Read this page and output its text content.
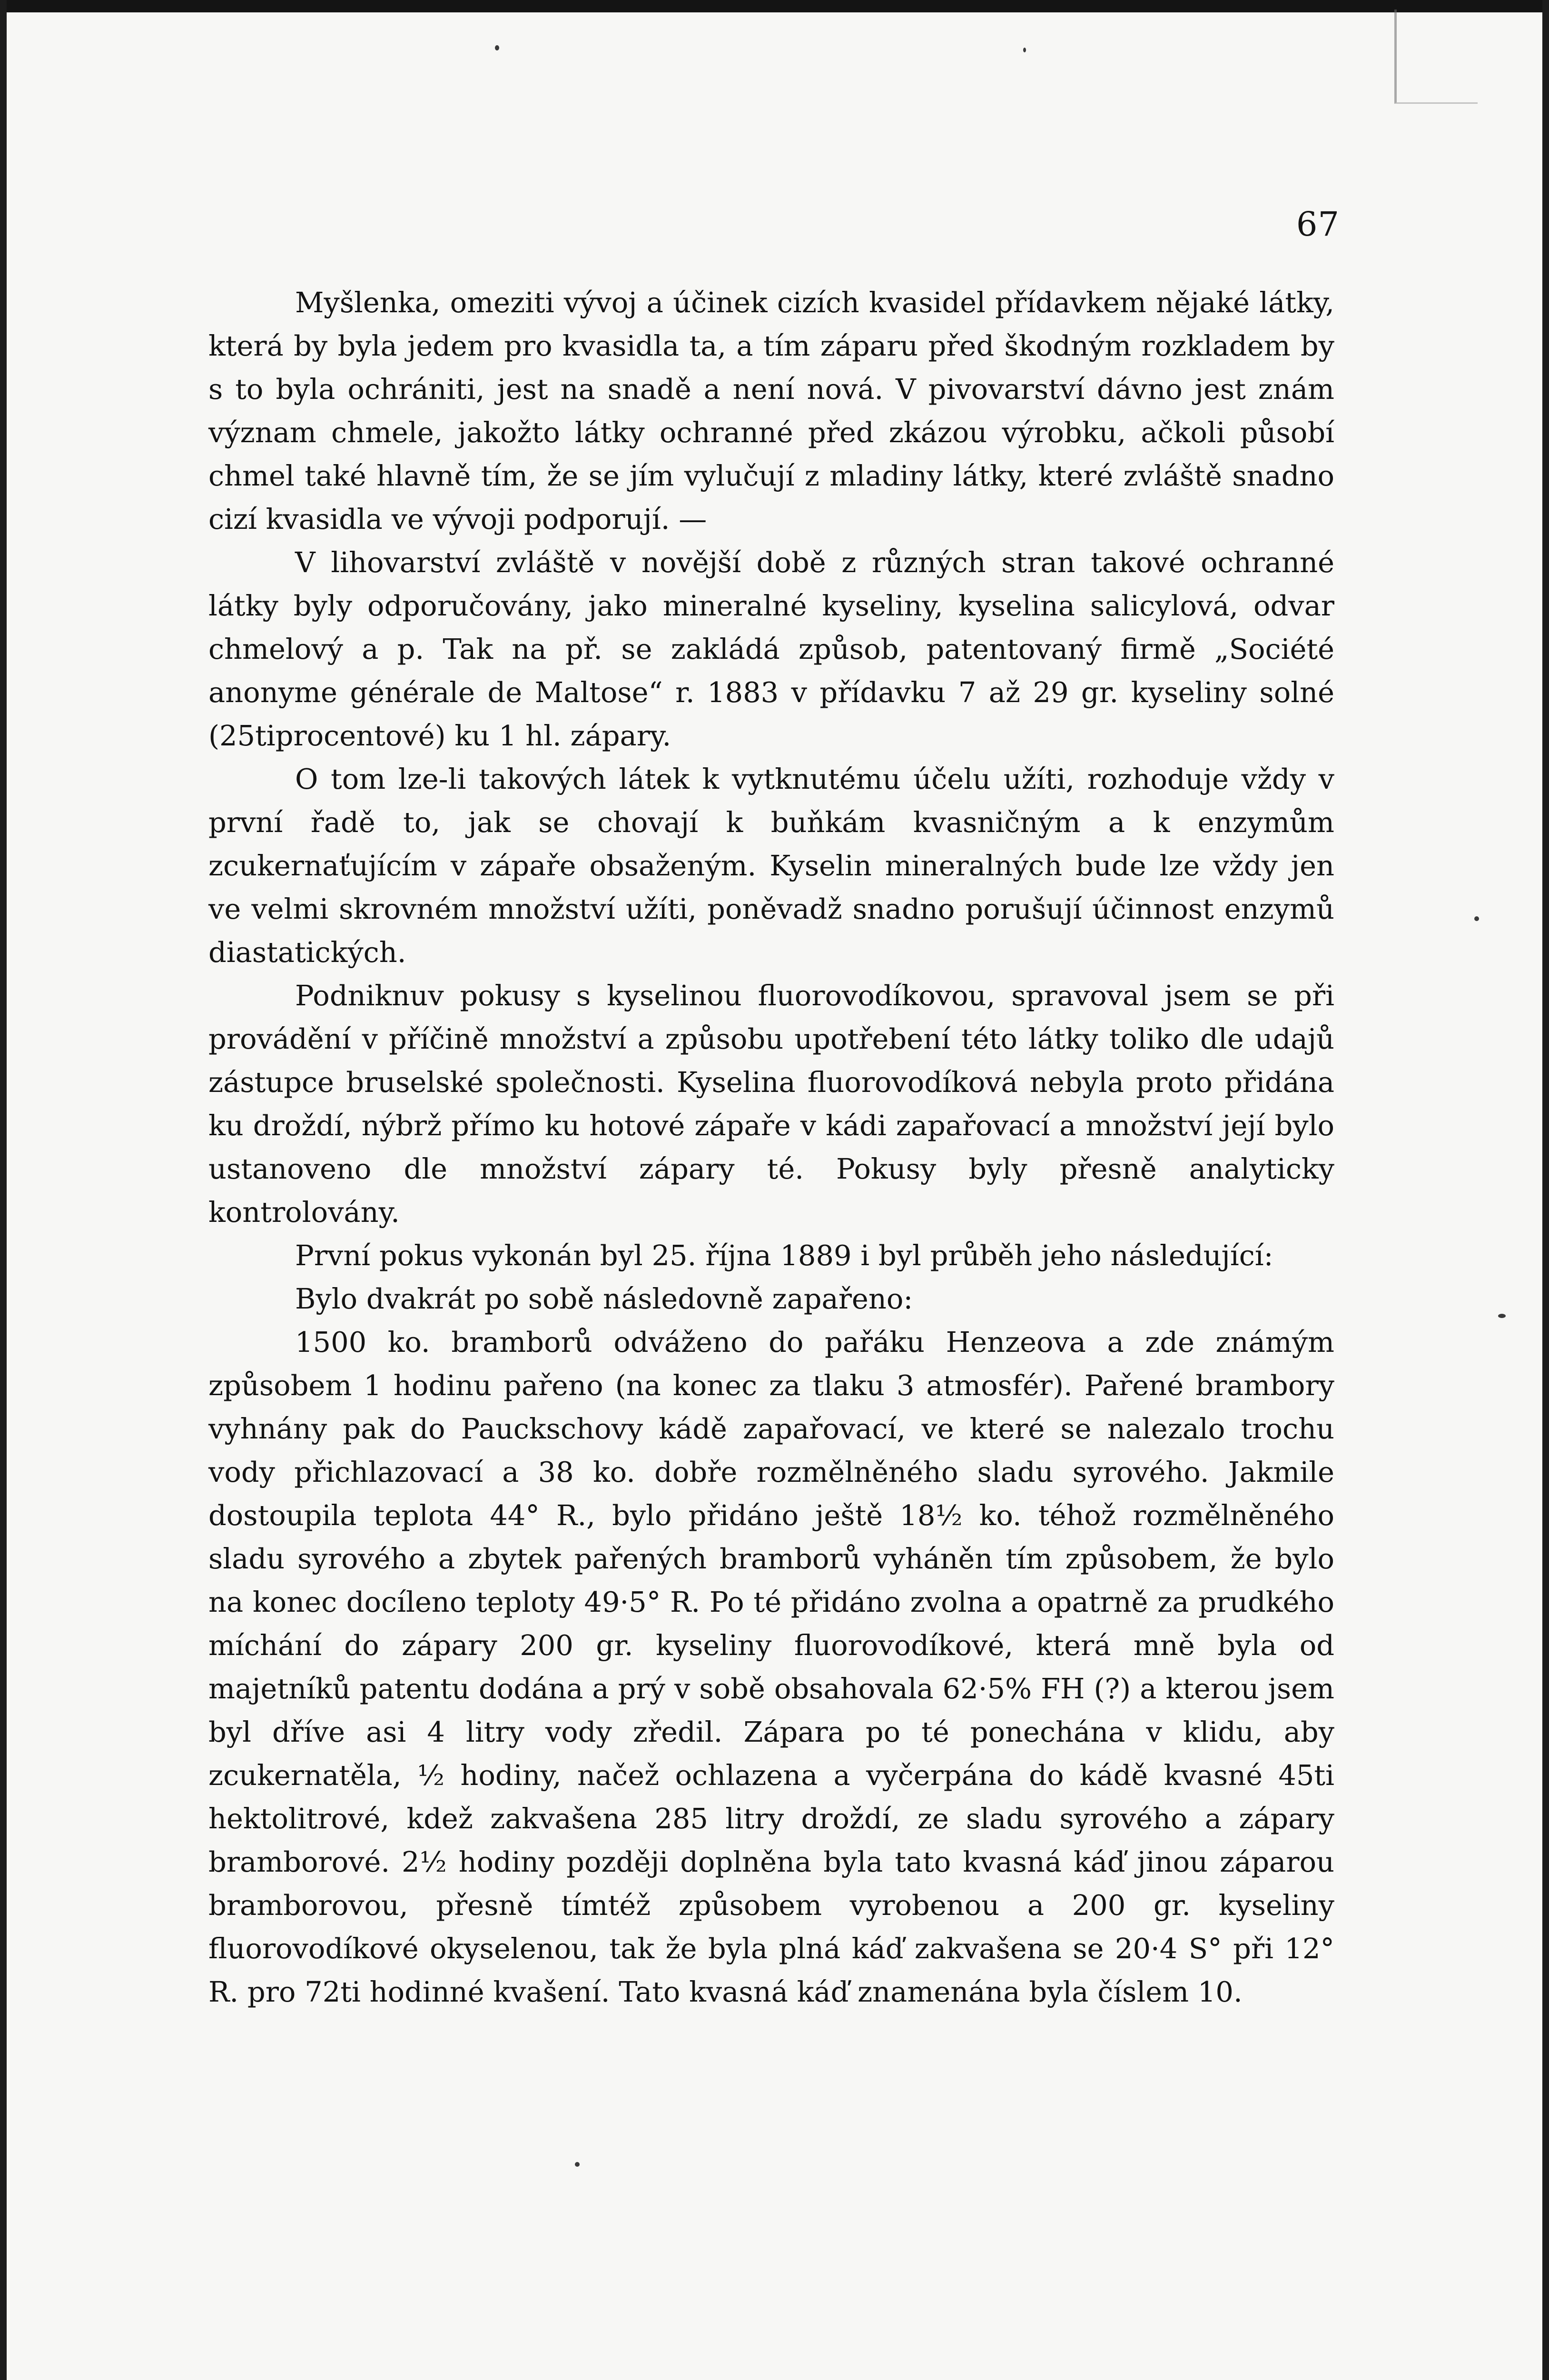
67

Myšlenka, omeziti vývoj a účinek cizích kvasidel přídavkem nějaké látky, která by byla jedem pro kvasidla ta, a tím záparu před škodným rozkladem by s to byla ochrániti, jest na snadě a není nová. V pivovarství dávno jest znám význam chmele, jakožto látky ochranné před zkázou výrobku, ačkoli působí chmel také hlavně tím, že se jím vylučují z mladiny látky, které zvláště snadno cizí kvasidla ve vývoji podporují. —

V lihovarství zvláště v novější době z různých stran takové ochranné látky byly odporučovány, jako mineralné kyseliny, kyselina salicylová, odvar chmelový a p. Tak na př. se zakládá způsob, patentovaný firmě „Société anonyme générale de Maltose“ r. 1883 v přídavku 7 až 29 gr. kyseliny solné (25tiprocentové) ku 1 hl. zápary.

O tom lze-li takových látek k vytknutému účelu užíti, rozhoduje vždy v první řadě to, jak se chovají k buňkám kvasničným a k enzymům zcukernaťujícím v zápaře obsaženým. Kyselin mineralných bude lze vždy jen ve velmi skrovném množství užíti, poněvadž snadno porušují účinnost enzymů diastatických.

Podniknuv pokusy s kyselinou fluorovodíkovou, spravoval jsem se při provádění v příčině množství a způsobu upotřebení této látky toliko dle udajů zástupce bruselské společnosti. Kyselina fluorovodíková nebyla proto přidána ku droždí, nýbrž přímo ku hotové zápaře v kádi zapařovací a množství její bylo ustanoveno dle množství zápary té. Pokusy byly přesně analyticky kontrolovány.

První pokus vykonán byl 25. října 1889 i byl průběh jeho následující:

Bylo dvakrát po sobě následovně zapařeno:

1500 ko. bramborů odváženo do pařáku Henzeova a zde známým způsobem 1 hodinu pařeno (na konec za tlaku 3 atmosfér). Pařené brambory vyhnány pak do Pauckschovy kádě zapařovací, ve které se nalezalo trochu vody přichlazovací a 38 ko. dobře rozmělněného sladu syrového. Jakmile dostoupila teplota 44° R., bylo přidáno ještě 18½ ko. téhož rozmělněného sladu syrového a zbytek pařených bramborů vyháněn tím způsobem, že bylo na konec docíleno teploty 49·5° R. Po té přidáno zvolna a opatrně za prudkého míchání do zápary 200 gr. kyseliny fluorovodíkové, která mně byla od majetníků patentu dodána a prý v sobě obsahovala 62·5% FH (?) a kterou jsem byl dříve asi 4 litry vody zředil. Zápara po té ponechána v klidu, aby zcukernatěla, ½ hodiny, načež ochlazena a vyčerpána do kádě kvasné 45ti hektolitrové, kdež zakvašena 285 litry droždí, ze sladu syrového a zápary bramborové. 2½ hodiny později doplněna byla tato kvasná káď jinou záparou bramborovou, přesně tímtéž způsobem vyrobenou a 200 gr. kyseliny fluorovodíkové okyselenou, tak že byla plná káď zakvašena se 20·4 S° při 12° R. pro 72ti hodinné kvašení. Tato kvasná káď znamenána byla číslem 10.
